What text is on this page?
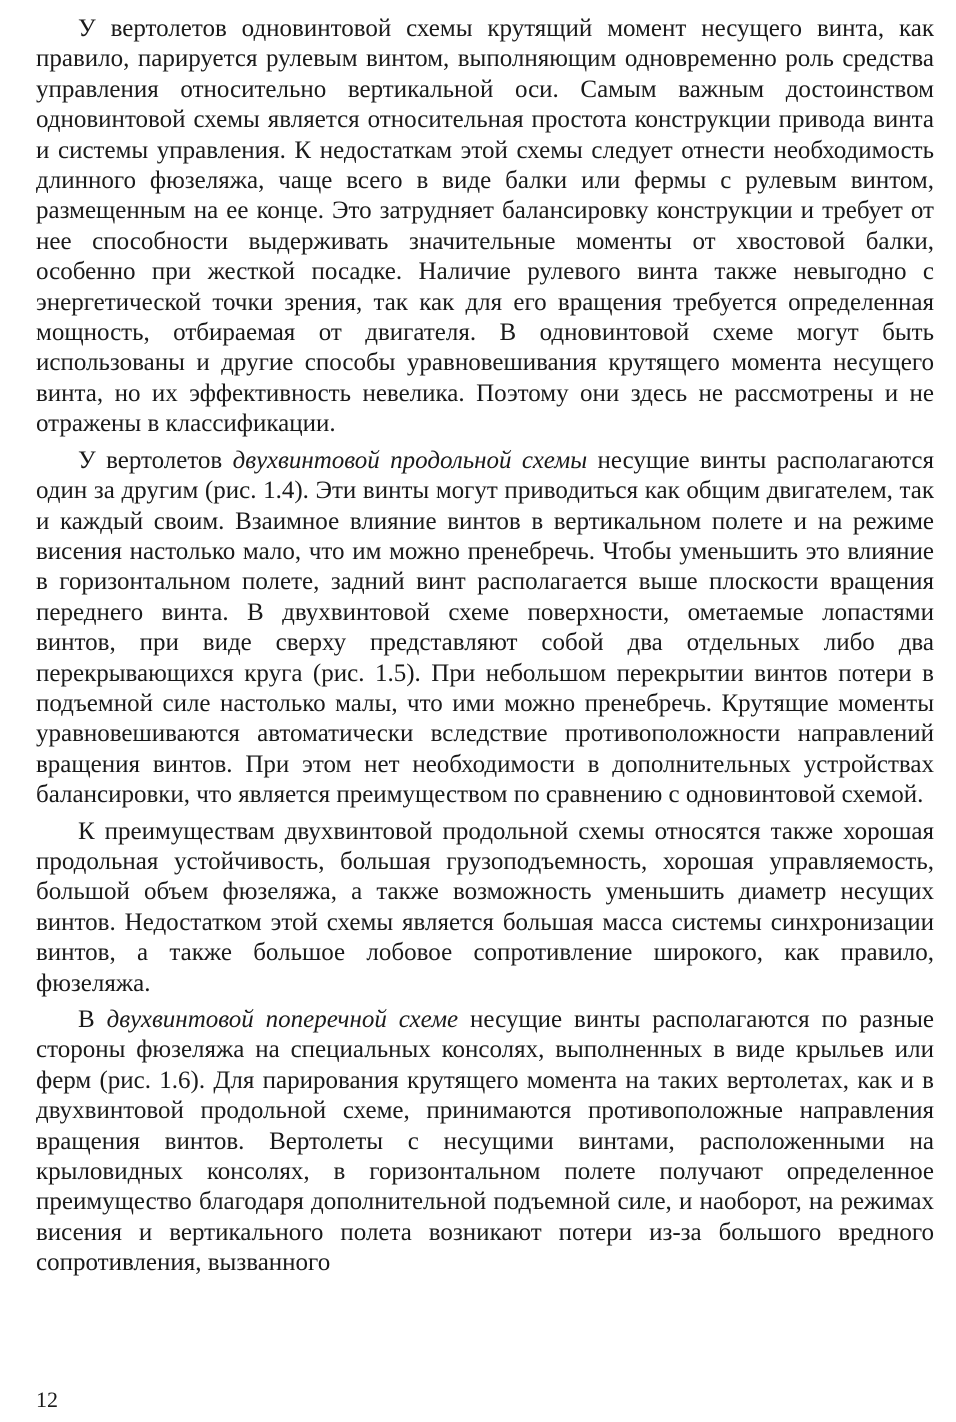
У вертолетов одновинтовой схемы крутящий момент несущего винта, как правило, парируется рулевым винтом, выполняющим одновременно роль средства управления относительно вертикальной оси. Самым важным достоинством одновинтовой схемы является относительная простота конструкции привода винта и системы управления. К недостаткам этой схемы следует отнести необходимость длинного фюзеляжа, чаще всего в виде балки или фермы с рулевым винтом, размещенным на ее конце. Это затрудняет балансировку конструкции и требует от нее способности выдерживать значительные моменты от хвостовой балки, особенно при жесткой посадке. Наличие рулевого винта также невыгодно с энергетической точки зрения, так как для его вращения требуется определенная мощность, отбираемая от двигателя. В одновинтовой схеме могут быть использованы и другие способы уравновешивания крутящего момента несущего винта, но их эффективность невелика. Поэтому они здесь не рассмотрены и не отражены в классификации.

У вертолетов двухвинтовой продольной схемы несущие винты располагаются один за другим (рис. 1.4). Эти винты могут приводиться как общим двигателем, так и каждый своим. Взаимное влияние винтов в вертикальном полете и на режиме висения настолько мало, что им можно пренебречь. Чтобы уменьшить это влияние в горизонтальном полете, задний винт располагается выше плоскости вращения переднего винта. В двухвинтовой схеме поверхности, ометаемые лопастями винтов, при виде сверху представляют собой два отдельных либо два перекрывающихся круга (рис. 1.5). При небольшом перекрытии винтов потери в подъемной силе настолько малы, что ими можно пренебречь. Крутящие моменты уравновешиваются автоматически вследствие противоположности направлений вращения винтов. При этом нет необходимости в дополнительных устройствах балансировки, что является преимуществом по сравнению с одновинтовой схемой.

К преимуществам двухвинтовой продольной схемы относятся также хорошая продольная устойчивость, большая грузоподъемность, хорошая управляемость, большой объем фюзеляжа, а также возможность уменьшить диаметр несущих винтов. Недостатком этой схемы является большая масса системы синхронизации винтов, а также большое лобовое сопротивление широкого, как правило, фюзеляжа.

В двухвинтовой поперечной схеме несущие винты располагаются по разные стороны фюзеляжа на специальных консолях, выполненных в виде крыльев или ферм (рис. 1.6). Для парирования крутящего момента на таких вертолетах, как и в двухвинтовой продольной схеме, принимаются противоположные направления вращения винтов. Вертолеты с несущими винтами, расположенными на крыловидных консолях, в горизонтальном полете получают определенное преимущество благодаря дополнительной подъемной силе, и наоборот, на режимах висения и вертикального полета возникают потери из-за большого вредного сопротивления, вызванного

12
